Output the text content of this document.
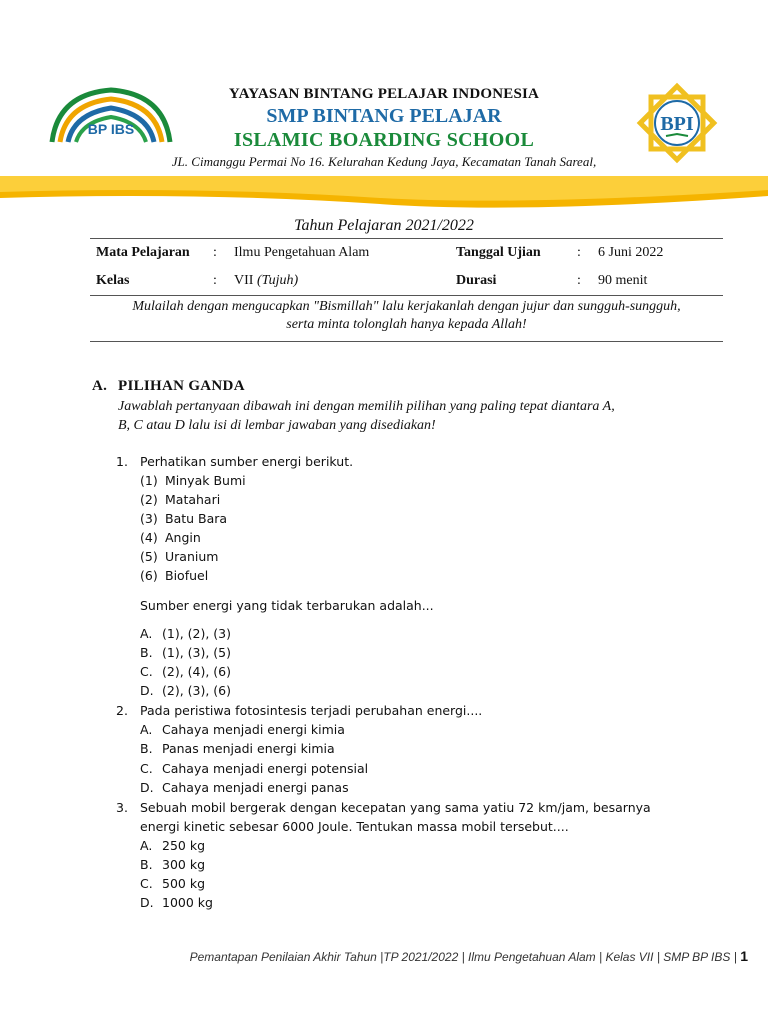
BP IBS
YAYASAN BINTANG PELAJAR INDONESIA
SMP BINTANG PELAJAR
ISLAMIC BOARDING SCHOOL
JL. Cimanggu Permai No 16. Kelurahan Kedung Jaya, Kecamatan Tanah Sareal,
BPI
Tahun Pelajaran 2021/2022
Mata Pelajaran	:	Ilmu Pengetahuan Alam	Tanggal Ujian	:	6 Juni 2022
Kelas	:	VII (Tujuh)	Durasi	:	90 menit
Mulailah dengan mengucapkan "Bismillah" lalu kerjakanlah dengan jujur dan sungguh-sungguh,
serta minta tolonglah hanya kepada Allah!
A. PILIHAN GANDA
Jawablah pertanyaan dibawah ini dengan memilih pilihan yang paling tepat diantara A,
B, C atau D lalu isi di lembar jawaban yang disediakan!
1. Perhatikan sumber energi berikut.
(1) Minyak Bumi
(2) Matahari
(3) Batu Bara
(4) Angin
(5) Uranium
(6) Biofuel
Sumber energi yang tidak terbarukan adalah...
A. (1), (2), (3)
B. (1), (3), (5)
C. (2), (4), (6)
D. (2), (3), (6)
2. Pada peristiwa fotosintesis terjadi perubahan energi....
A. Cahaya menjadi energi kimia
B. Panas menjadi energi kimia
C. Cahaya menjadi energi potensial
D. Cahaya menjadi energi panas
3. Sebuah mobil bergerak dengan kecepatan yang sama yatiu 72 km/jam, besarnya
energi kinetic sebesar 6000 Joule. Tentukan massa mobil tersebut....
A. 250 kg
B. 300 kg
C. 500 kg
D. 1000 kg
Pemantapan Penilaian Akhir Tahun |TP 2021/2022 | Ilmu Pengetahuan Alam | Kelas VII | SMP BP IBS | 1
